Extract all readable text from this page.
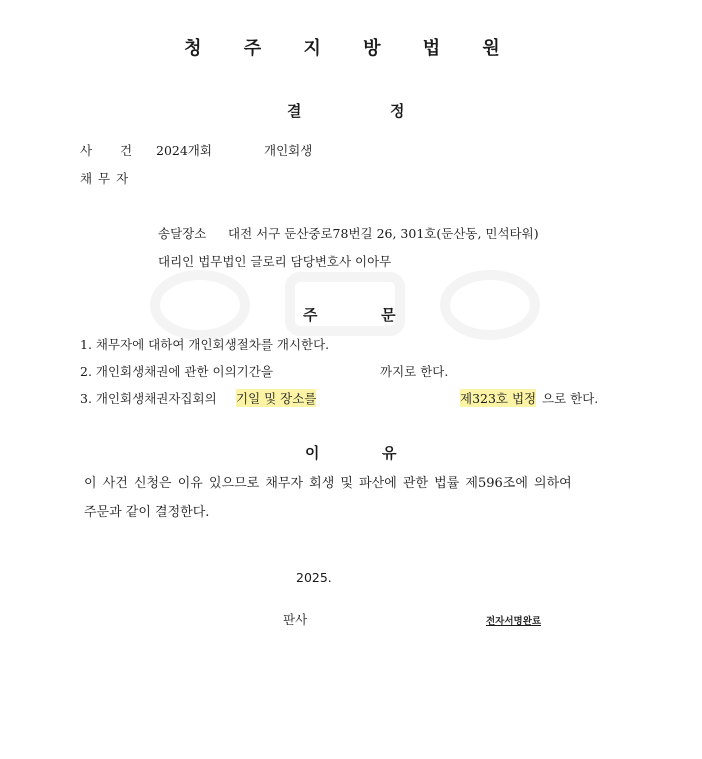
청 주 지 방 법 원
결	정
사 건 2024개회	개인회생
채 무 자
송달장소 대전 서구 둔산중로78번길 26, 301호(둔산동, 민석타워)
대리인 법무법인 글로리 담당변호사 이아무
주	문
1. 채무자에 대하여 개인회생절차를 개시한다.
2. 개인회생채권에 관한 이의기간을	까지로 한다.
3. 개인회생채권자집회의 기일 및 장소를	제323호 법정 으로 한다.
이	유
이 사건 신청은 이유 있으므로 채무자 회생 및 파산에 관한 법률 제596조에 의하여
주문과 같이 결정한다.
2025.
판사	전자서명완료
